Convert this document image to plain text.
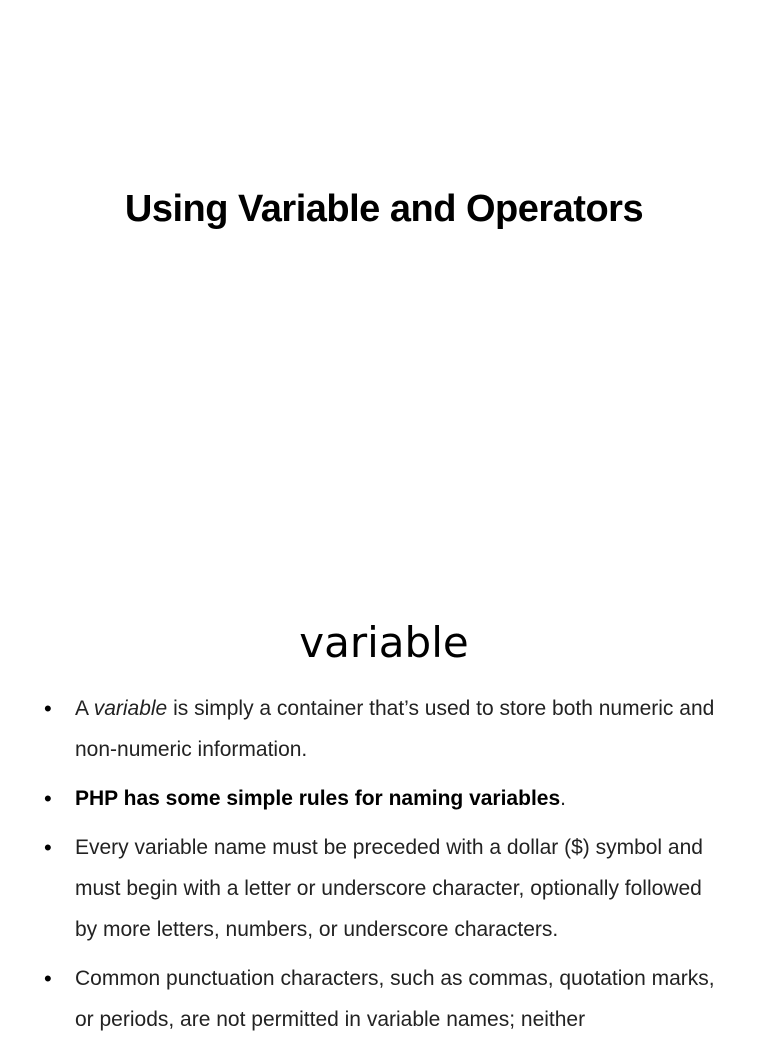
Using Variable and Operators
variable
• A variable is simply a container that’s used to store both numeric and non-numeric information.
• PHP has some simple rules for naming variables.
• Every variable name must be preceded with a dollar ($) symbol and must begin with a letter or underscore character, optionally followed by more letters, numbers, or underscore characters.
• Common punctuation characters, such as commas, quotation marks, or periods, are not permitted in variable names; neither
